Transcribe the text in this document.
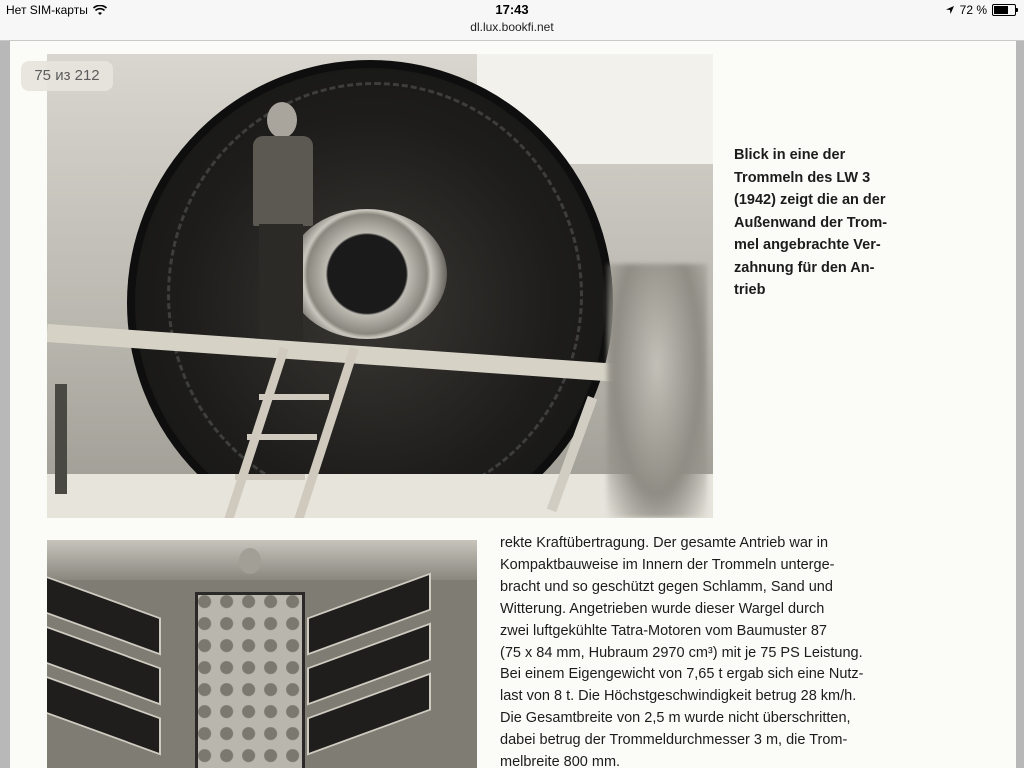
Нет SIM-карты	17:43	72 %
dl.lux.bookfi.net
Blick in eine der
Trommeln des LW 3
(1942) zeigt die an der
Außenwand der Trom-
mel angebrachte Ver-
zahnung für den An-
trieb
rekte Kraftübertragung. Der gesamte Antrieb war in
Kompaktbauweise im Innern der Trommeln unterge-
bracht und so geschützt gegen Schlamm, Sand und
Witterung. Angetrieben wurde dieser Wargel durch
zwei luftgekühlte Tatra-Motoren vom Baumuster 87
(75 x 84 mm, Hubraum 2970 cm³) mit je 75 PS Leistung.
Bei einem Eigengewicht von 7,65 t ergab sich eine Nutz-
last von 8 t. Die Höchstgeschwindigkeit betrug 28 km/h.
Die Gesamtbreite von 2,5 m wurde nicht überschritten,
dabei betrug der Trommeldurchmesser 3 m, die Trom-
melbreite 800 mm.
75 из 212
